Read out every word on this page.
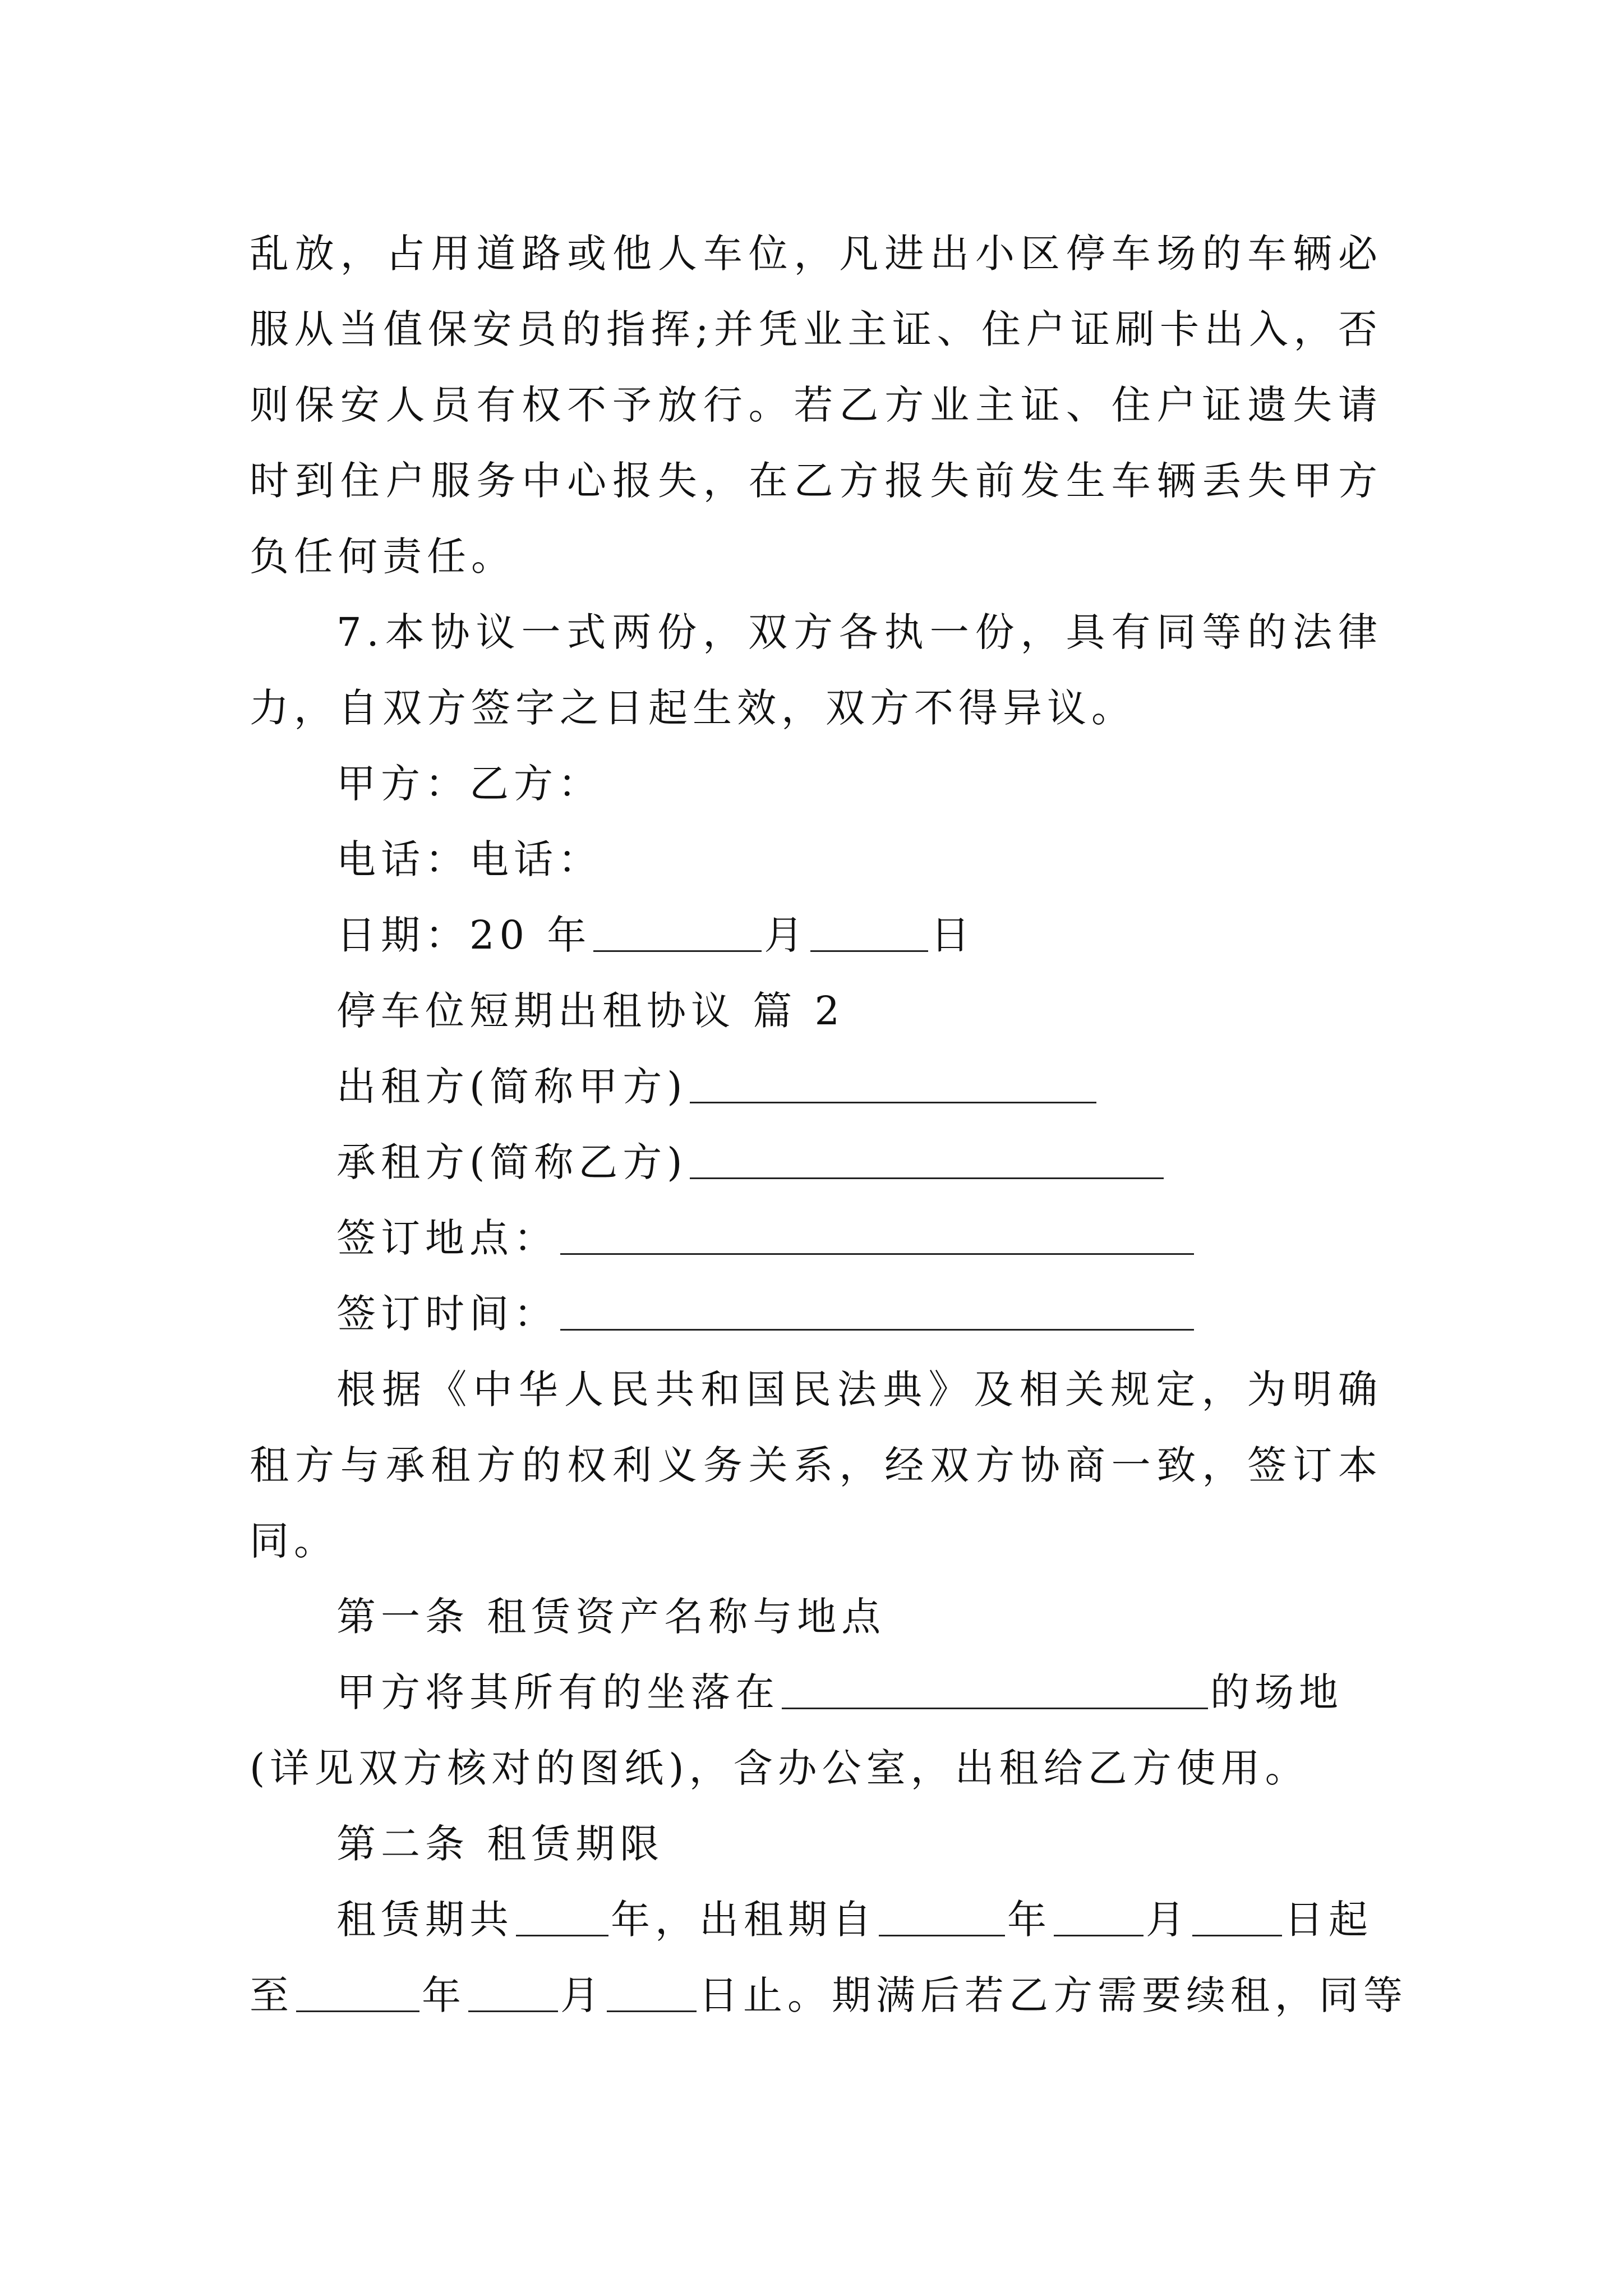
乱放，占用道路或他人车位，凡进出小区停车场的车辆必
服从当值保安员的指挥;并凭业主证、住户证刷卡出入，否
则保安人员有权不予放行。若乙方业主证、住户证遗失请
时到住户服务中心报失，在乙方报失前发生车辆丢失甲方
负任何责任。
7.本协议一式两份，双方各执一份，具有同等的法律
力，自双方签字之日起生效，双方不得异议。
甲方：乙方：
电话：电话：
日期：20 年	月	日
停车位短期出租协议 篇 2
出租方(简称甲方)
承租方(简称乙方)
签订地点：
签订时间：
根据《中华人民共和国民法典》及相关规定，为明确
租方与承租方的权利义务关系，经双方协商一致，签订本
同。
第一条 租赁资产名称与地点
甲方将其所有的坐落在	的场地
(详见双方核对的图纸)，含办公室，出租给乙方使用。
第二条 租赁期限
租赁期共 年，出租期自	年 月 日起
至	年 月 日止。期满后若乙方需要续租，同等
